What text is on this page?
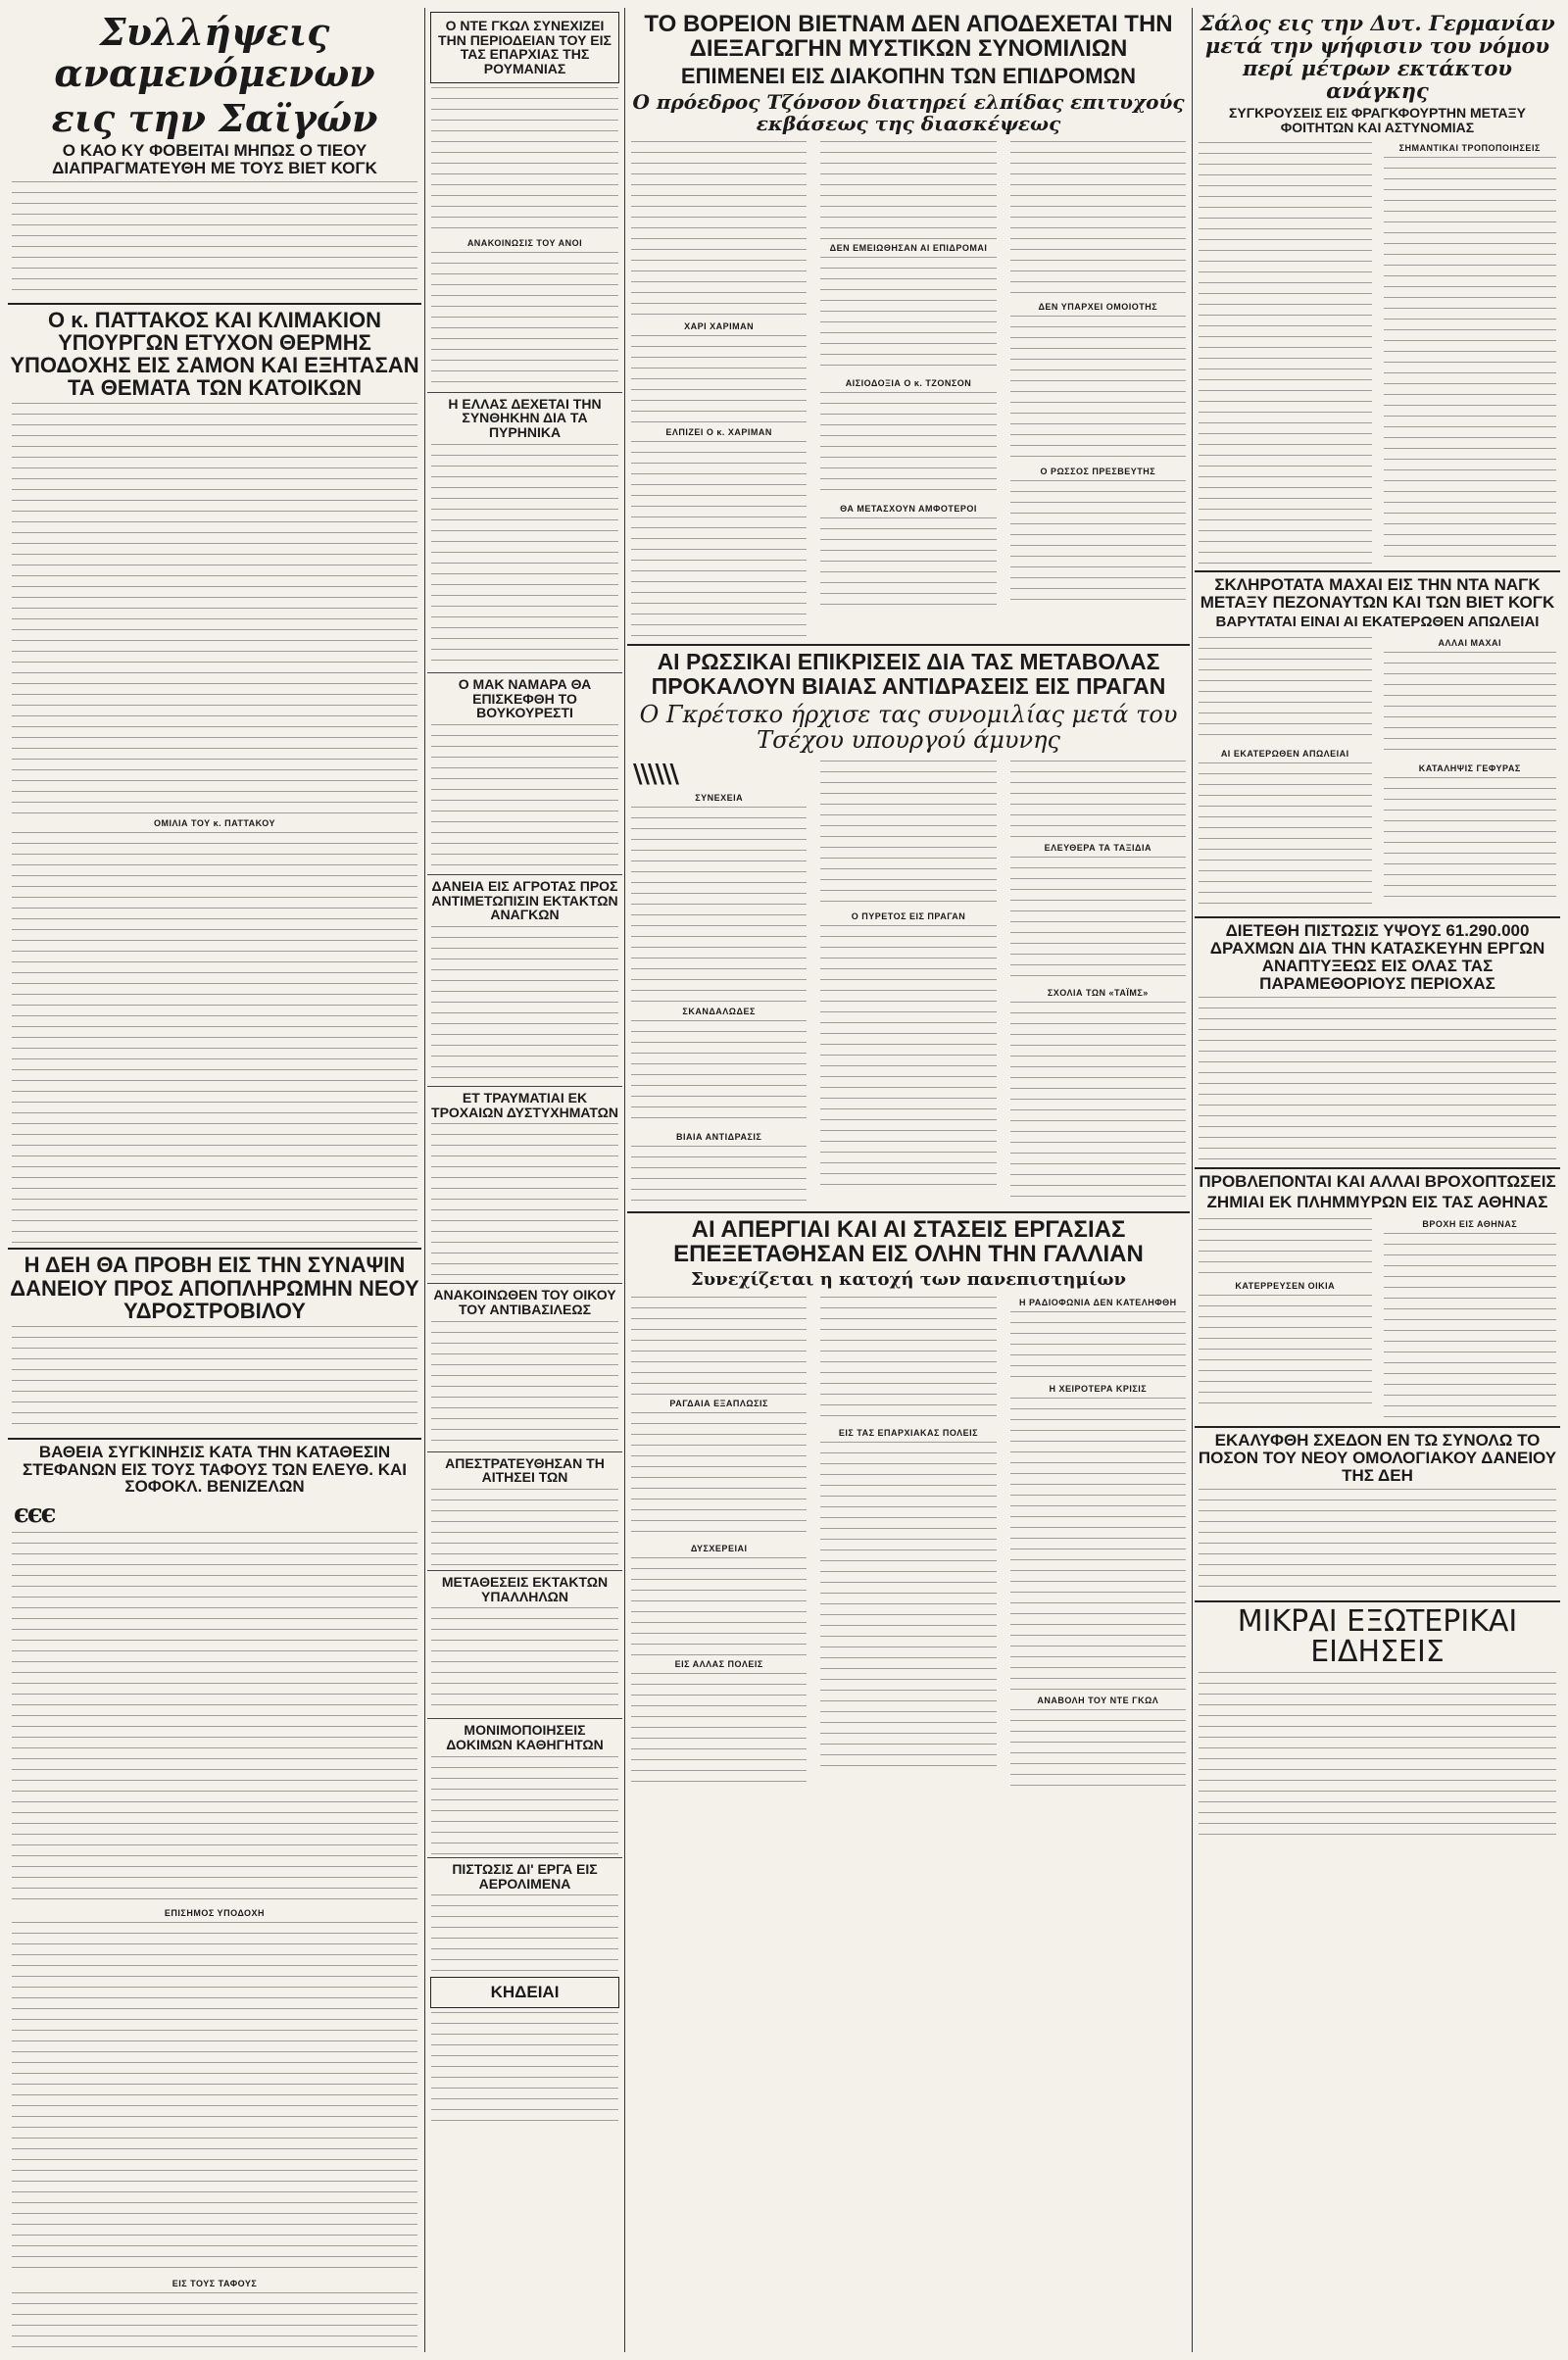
Συλλήψεις αναμενόμενων
εις την Σαϊγών
Ο ΚΑΟ ΚΥ ΦΟΒΕΙΤΑΙ ΜΗΠΩΣ Ο ΤΙΕΟΥ ΔΙΑΠΡΑΓΜΑΤΕΥΘΗ ΜΕ ΤΟΥΣ ΒΙΕΤ ΚΟΓΚ
Ο κ. ΠΑΤΤΑΚΟΣ ΚΑΙ ΚΛΙΜΑΚΙΟΝ ΥΠΟΥΡΓΩΝ ΕΤΥΧΟΝ ΘΕΡΜΗΣ ΥΠΟΔΟΧΗΣ ΕΙΣ ΣΑΜΟΝ ΚΑΙ ΕΞΗΤΑΣΑΝ ΤΑ ΘΕΜΑΤΑ ΤΩΝ ΚΑΤΟΙΚΩΝ
ΟΜΙΛΙΑ ΤΟΥ κ. ΠΑΤΤΑΚΟΥ
Η ΔΕΗ ΘΑ ΠΡΟΒΗ ΕΙΣ ΤΗΝ ΣΥΝΑΨΙΝ ΔΑΝΕΙΟΥ ΠΡΟΣ ΑΠΟΠΛΗΡΩΜΗΝ ΝΕΟΥ ΥΔΡΟΣΤΡΟΒΙΛΟΥ
ΒΑΘΕΙΑ ΣΥΓΚΙΝΗΣΙΣ ΚΑΤΑ ΤΗΝ ΚΑΤΑΘΕΣΙΝ ΣΤΕΦΑΝΩΝ ΕΙΣ ΤΟΥΣ ΤΑΦΟΥΣ ΤΩΝ ΕΛΕΥΘ. ΚΑΙ ΣΟΦΟΚΛ. ΒΕΝΙΖΕΛΩΝ
ϵϵϵ
ΕΠΙΣΗΜΟΣ ΥΠΟΔΟΧΗ
ΕΙΣ ΤΟΥΣ ΤΑΦΟΥΣ
Ο ΝΤΕ ΓΚΩΛ ΣΥΝΕΧΙΖΕΙ ΤΗΝ ΠΕΡΙΟΔΕΙΑΝ ΤΟΥ ΕΙΣ ΤΑΣ ΕΠΑΡΧΙΑΣ ΤΗΣ ΡΟΥΜΑΝΙΑΣ
ΑΝΑΚΟΙΝΩΣΙΣ ΤΟΥ ΑΝΟΙ
Η ΕΛΛΑΣ ΔΕΧΕΤΑΙ ΤΗΝ ΣΥΝΘΗΚΗΝ ΔΙΑ ΤΑ ΠΥΡΗΝΙΚΑ
Ο ΜΑΚ ΝΑΜΑΡΑ ΘΑ ΕΠΙΣΚΕΦΘΗ ΤΟ ΒΟΥΚΟΥΡΕΣΤΙ
ΔΑΝΕΙΑ ΕΙΣ ΑΓΡΟΤΑΣ ΠΡΟΣ ΑΝΤΙΜΕΤΩΠΙΣΙΝ ΕΚΤΑΚΤΩΝ ΑΝΑΓΚΩΝ
ΕΤ ΤΡΑΥΜΑΤΙΑΙ ΕΚ ΤΡΟΧΑΙΩΝ ΔΥΣΤΥΧΗΜΑΤΩΝ
ΑΝΑΚΟΙΝΩΘΕΝ ΤΟΥ ΟΙΚΟΥ ΤΟΥ ΑΝΤΙΒΑΣΙΛΕΩΣ
ΑΠΕΣΤΡΑΤΕΥΘΗΣΑΝ ΤΗ ΑΙΤΗΣΕΙ ΤΩΝ
ΜΕΤΑΘΕΣΕΙΣ ΕΚΤΑΚΤΩΝ ΥΠΑΛΛΗΛΩΝ
ΜΟΝΙΜΟΠΟΙΗΣΕΙΣ ΔΟΚΙΜΩΝ ΚΑΘΗΓΗΤΩΝ
ΠΙΣΤΩΣΙΣ ΔΙ' ΕΡΓΑ ΕΙΣ ΑΕΡΟΛΙΜΕΝΑ
ΚΗΔΕΙΑΙ
ΤΟ ΒΟΡΕΙΟΝ ΒΙΕΤΝΑΜ ΔΕΝ ΑΠΟΔΕΧΕΤΑΙ ΤΗΝ ΔΙΕΞΑΓΩΓΗΝ ΜΥΣΤΙΚΩΝ ΣΥΝΟΜΙΛΙΩΝ
ΕΠΙΜΕΝΕΙ ΕΙΣ ΔΙΑΚΟΠΗΝ ΤΩΝ ΕΠΙΔΡΟΜΩΝ
Ο πρόεδρος Τζόνσον διατηρεί ελπίδας επιτυχούς εκβάσεως της διασκέψεως
ΧΑΡΙ ΧΑΡΙΜΑΝ
ΕΛΠΙΖΕΙ Ο κ. ΧΑΡΙΜΑΝ
ΔΕΝ ΕΜΕΙΩΘΗΣΑΝ ΑΙ ΕΠΙΔΡΟΜΑΙ
ΑΙΣΙΟΔΟΞΙΑ Ο κ. ΤΖΟΝΣΟΝ
ΘΑ ΜΕΤΑΣΧΟΥΝ ΑΜΦΟΤΕΡΟΙ
ΔΕΝ ΥΠΑΡΧΕΙ ΟΜΟΙΟΤΗΣ
Ο ΡΩΣΣΟΣ ΠΡΕΣΒΕΥΤΗΣ
ΑΙ ΡΩΣΣΙΚΑΙ ΕΠΙΚΡΙΣΕΙΣ ΔΙΑ ΤΑΣ ΜΕΤΑΒΟΛΑΣ ΠΡΟΚΑΛΟΥΝ ΒΙΑΙΑΣ ΑΝΤΙΔΡΑΣΕΙΣ ΕΙΣ ΠΡΑΓΑΝ
Ο Γκρέτσκο ήρχισε τας συνομιλίας μετά του Τσέχου υπουργού άμυνης
\\\\\\
ΣΥΝΕΧΕΙΑ
ΣΚΑΝΔΑΛΩΔΕΣ
ΒΙΑΙΑ ΑΝΤΙΔΡΑΣΙΣ
Ο ΠΥΡΕΤΟΣ ΕΙΣ ΠΡΑΓΑΝ
ΕΛΕΥΘΕΡΑ ΤΑ ΤΑΞΙΔΙΑ
ΣΧΟΛΙΑ ΤΩΝ «ΤΑΪΜΣ»
ΑΙ ΑΠΕΡΓΙΑΙ ΚΑΙ ΑΙ ΣΤΑΣΕΙΣ ΕΡΓΑΣΙΑΣ ΕΠΕΞΕΤΑΘΗΣΑΝ ΕΙΣ ΟΛΗΝ ΤΗΝ ΓΑΛΛΙΑΝ
Συνεχίζεται η κατοχή των πανεπιστημίων
ΡΑΓΔΑΙΑ ΕΞΑΠΛΩΣΙΣ
ΔΥΣΧΕΡΕΙΑΙ
ΕΙΣ ΑΛΛΑΣ ΠΟΛΕΙΣ
ΕΙΣ ΤΑΣ ΕΠΑΡΧΙΑΚΑΣ ΠΟΛΕΙΣ
Η ΡΑΔΙΟΦΩΝΙΑ ΔΕΝ ΚΑΤΕΛΗΦΘΗ
Η ΧΕΙΡΟΤΕΡΑ ΚΡΙΣΙΣ
ΑΝΑΒΟΛΗ ΤΟΥ ΝΤΕ ΓΚΩΛ
Σάλος εις την Δυτ. Γερμανίαν μετά την ψήφισιν του νόμου περί μέτρων εκτάκτου ανάγκης
ΣΥΓΚΡΟΥΣΕΙΣ ΕΙΣ ΦΡΑΓΚΦΟΥΡΤΗΝ ΜΕΤΑΞΥ ΦΟΙΤΗΤΩΝ ΚΑΙ ΑΣΤΥΝΟΜΙΑΣ
ΣΗΜΑΝΤΙΚΑΙ ΤΡΟΠΟΠΟΙΗΣΕΙΣ
ΣΚΛΗΡΟΤΑΤΑ ΜΑΧΑΙ ΕΙΣ ΤΗΝ ΝΤΑ ΝΑΓΚ ΜΕΤΑΞΥ ΠΕΖΟΝΑΥΤΩΝ ΚΑΙ ΤΩΝ ΒΙΕΤ ΚΟΓΚ
ΒΑΡΥΤΑΤΑΙ ΕΙΝΑΙ ΑΙ ΕΚΑΤΕΡΩΘΕΝ ΑΠΩΛΕΙΑΙ
ΑΙ ΕΚΑΤΕΡΩΘΕΝ ΑΠΩΛΕΙΑΙ
ΑΛΛΑΙ ΜΑΧΑΙ
ΚΑΤΑΛΗΨΙΣ ΓΕΦΥΡΑΣ
ΔΙΕΤΕΘΗ ΠΙΣΤΩΣΙΣ ΥΨΟΥΣ 61.290.000 ΔΡΑΧΜΩΝ ΔΙΑ ΤΗΝ ΚΑΤΑΣΚΕΥΗΝ ΕΡΓΩΝ ΑΝΑΠΤΥΞΕΩΣ ΕΙΣ ΟΛΑΣ ΤΑΣ ΠΑΡΑΜΕΘΟΡΙΟΥΣ ΠΕΡΙΟΧΑΣ
ΠΡΟΒΛΕΠΟΝΤΑΙ ΚΑΙ ΑΛΛΑΙ ΒΡΟΧΟΠΤΩΣΕΙΣ
ΖΗΜΙΑΙ ΕΚ ΠΛΗΜΜΥΡΩΝ ΕΙΣ ΤΑΣ ΑΘΗΝΑΣ
ΚΑΤΕΡΡΕΥΣΕΝ ΟΙΚΙΑ
ΒΡΟΧΗ ΕΙΣ ΑΘΗΝΑΣ
ΕΚΑΛΥΦΘΗ ΣΧΕΔΟΝ ΕΝ ΤΩ ΣΥΝΟΛΩ ΤΟ ΠΟΣΟΝ ΤΟΥ ΝΕΟΥ ΟΜΟΛΟΓΙΑΚΟΥ ΔΑΝΕΙΟΥ ΤΗΣ ΔΕΗ
ΜΙΚΡΑΙ ΕΞΩΤΕΡΙΚΑΙ ΕΙΔΗΣΕΙΣ
